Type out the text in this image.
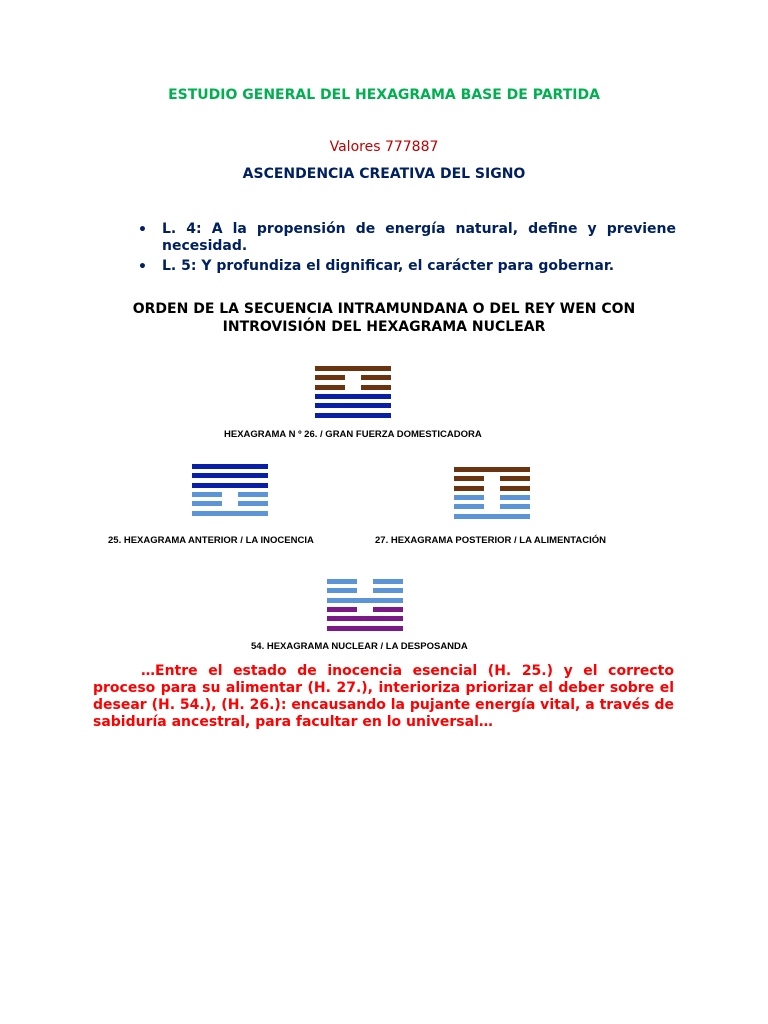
ESTUDIO GENERAL DEL HEXAGRAMA BASE DE PARTIDA
Valores 777887
ASCENDENCIA CREATIVA DEL SIGNO
• L. 4: A la propensión de energía natural, define y previene necesidad.
• L. 5: Y profundiza el dignificar, el carácter para gobernar.
ORDEN DE LA SECUENCIA INTRAMUNDANA O DEL REY WEN CON
INTROVISIÓN DEL HEXAGRAMA NUCLEAR
HEXAGRAMA N º 26. / GRAN FUERZA DOMESTICADORA
25. HEXAGRAMA ANTERIOR / LA INOCENCIA	27. HEXAGRAMA POSTERIOR / LA ALIMENTACIÓN
54. HEXAGRAMA NUCLEAR / LA DESPOSANDA

…Entre el estado de inocencia esencial (H. 25.) y el correcto proceso para su alimentar (H. 27.), interioriza priorizar el deber sobre el desear (H. 54.), (H. 26.): encausando la pujante energía vital, a través de sabiduría ancestral, para facultar en lo universal…
